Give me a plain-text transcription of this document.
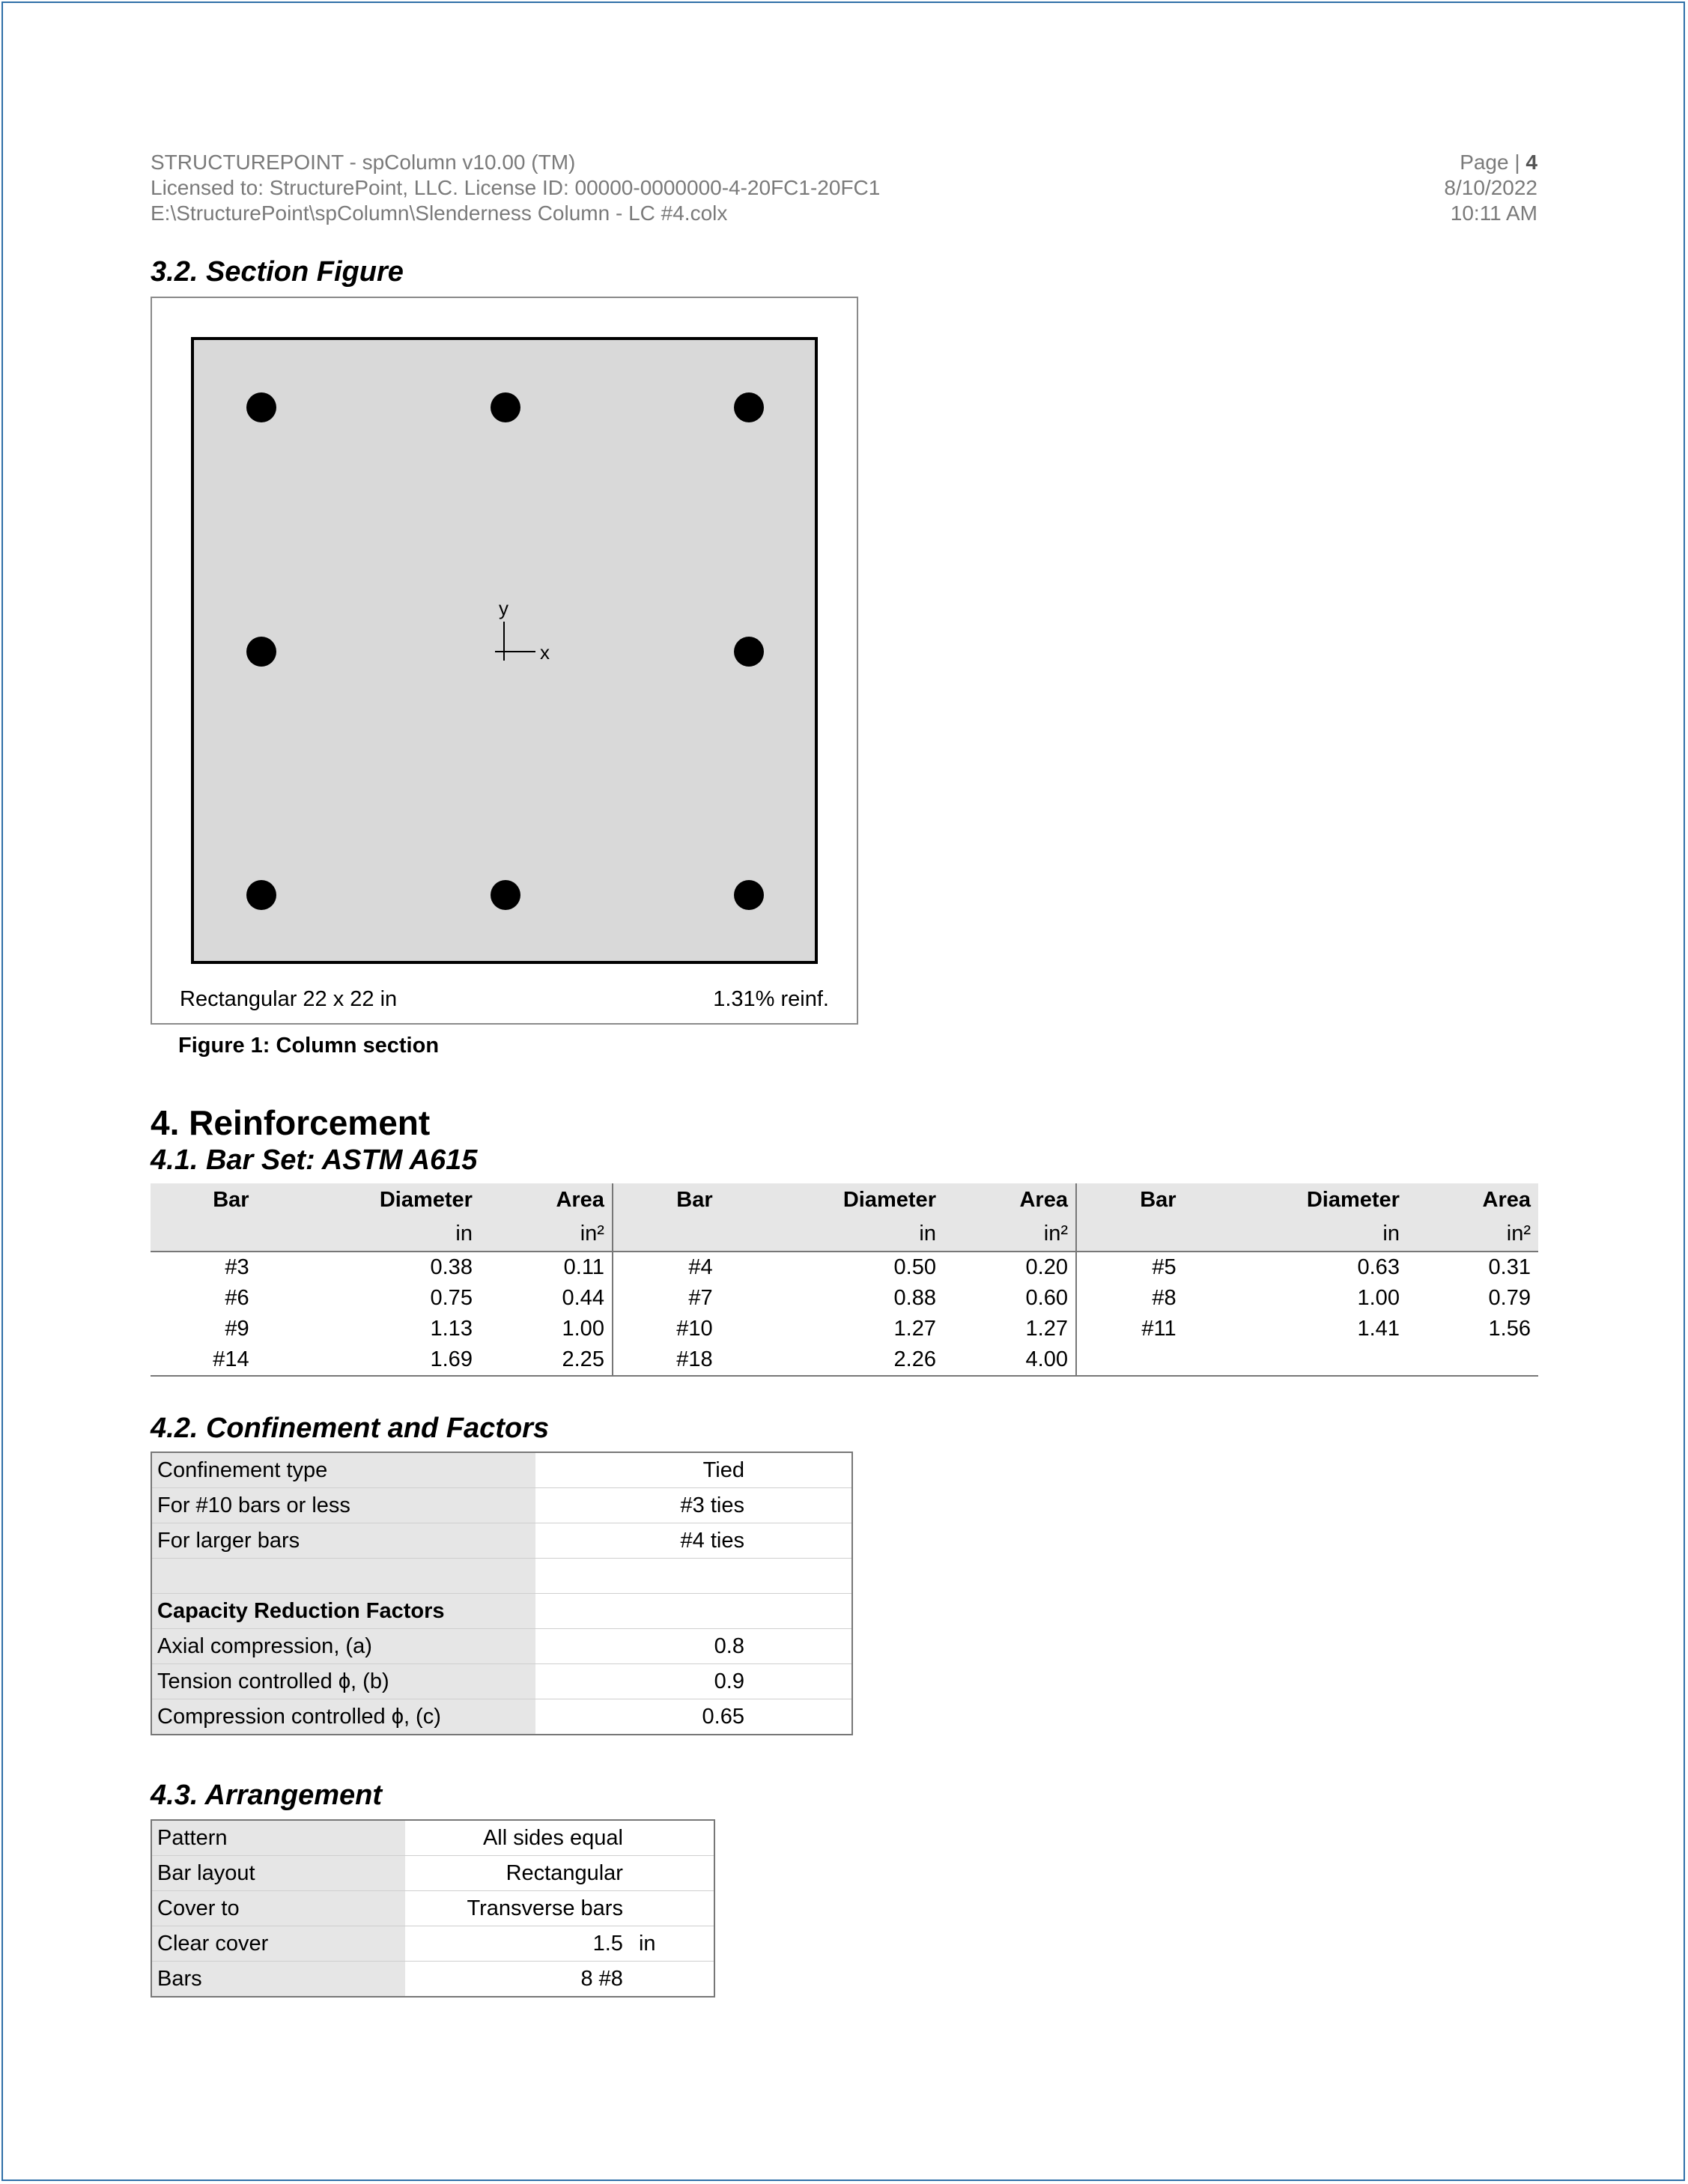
STRUCTUREPOINT - spColumn v10.00 (TM)
Licensed to: StructurePoint, LLC. License ID: 00000-0000000-4-20FC1-20FC1
E:\StructurePoint\spColumn\Slenderness Column - LC #4.colx
Page | 4
8/10/2022
10:11 AM
3.2. Section Figure
y
x
Rectangular 22 x 22 in	1.31% reinf.
Figure 1: Column section
4. Reinforcement
4.1. Bar Set: ASTM A615
Bar	Diameter	Area	Bar	Diameter	Area	Bar	Diameter	Area
	in	in²		in	in²		in	in²
#3	0.38	0.11	#4	0.50	0.20	#5	0.63	0.31
#6	0.75	0.44	#7	0.88	0.60	#8	1.00	0.79
#9	1.13	1.00	#10	1.27	1.27	#11	1.41	1.56
#14	1.69	2.25	#18	2.26	4.00			
4.2. Confinement and Factors
Confinement type	Tied	
For #10 bars or less	#3 ties	
For larger bars	#4 ties	

Capacity Reduction Factors		
Axial compression, (a)	0.8	
Tension controlled ϕ, (b)	0.9	
Compression controlled ϕ, (c)	0.65	
4.3. Arrangement
Pattern	All sides equal	
Bar layout	Rectangular	
Cover to	Transverse bars	
Clear cover	1.5	in
Bars	8 #8	
